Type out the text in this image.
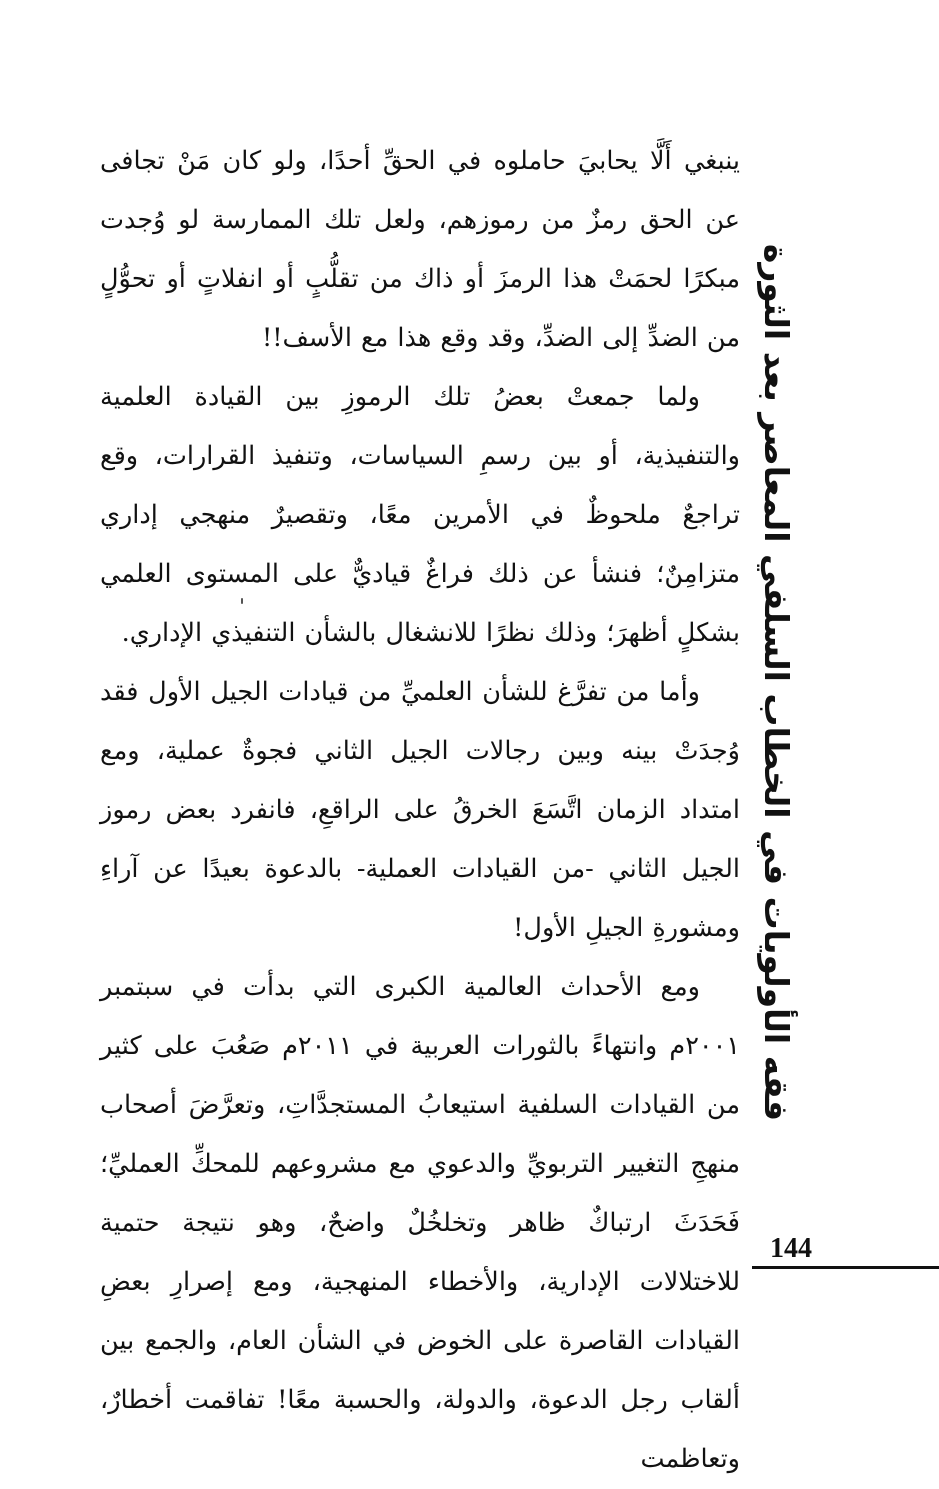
فقه الأولويات في الخطاب السلفي المعاصر بعد الثورة

ينبغي أَلَّا يحابيَ حاملوه في الحقِّ أحدًا، ولو كان مَنْ تجافى عن الحق رمزٌ من رموزهم، ولعل تلك الممارسة لو وُجدت مبكرًا لحمَتْ هذا الرمزَ أو ذاك من تقلُّبٍ أو انفلاتٍ أو تحوُّلٍ من الضدِّ إلى الضدِّ، وقد وقع هذا مع الأسف!!

ولما جمعتْ بعضُ تلك الرموزِ بين القيادة العلمية والتنفيذية، أو بين رسمِ السياسات، وتنفيذ القرارات، وقع تراجعٌ ملحوظٌ في الأمرين معًا، وتقصيرٌ منهجي إداري متزامِنٌ؛ فنشأ عن ذلك فراغٌ قياديٌّ على المستوى العلمي بشكلٍ أظهرَ؛ وذلك نظرًا للانشغال بالشأن التنفيذي الإداري.

وأما من تفرَّغ للشأن العلميِّ من قيادات الجيل الأول فقد وُجدَتْ بينه وبين رجالات الجيل الثاني فجوةٌ عملية، ومع امتداد الزمان اتَّسَعَ الخرقُ على الراقعِ، فانفرد بعض رموز الجيل الثاني -من القيادات العملية- بالدعوة بعيدًا عن آراءِ ومشورةِ الجيلِ الأول!

ومع الأحداث العالمية الكبرى التي بدأت في سبتمبر ٢٠٠١م وانتهاءً بالثورات العربية في ٢٠١١م صَعُبَ على كثير من القيادات السلفية استيعابُ المستجدَّاتِ، وتعرَّضَ أصحاب منهجِ التغيير التربويِّ والدعوي مع مشروعهم للمحكِّ العمليِّ؛ فَحَدَثَ ارتباكٌ ظاهر وتخلخُلٌ واضحٌ، وهو نتيجة حتمية للاختلالات الإدارية، والأخطاء المنهجية، ومع إصرارِ بعضِ القيادات القاصرة على الخوض في الشأن العام، والجمع بين ألقاب رجل الدعوة، والدولة، والحسبة معًا! تفاقمت أخطارٌ، وتعاظمت

144
